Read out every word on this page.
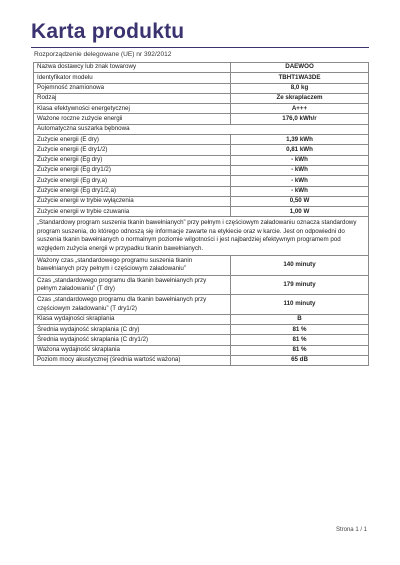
Karta produktu
Rozporządzenie delegowane (UE) nr 392/2012
Nazwa dostawcy lub znak towarowy	DAEWOO
Identyfikator modelu	TBHT1WA3DE
Pojemność znamionowa	8,0 kg
Rodzaj	Ze skraplaczem
Klasa efektywności energetycznej	A+++
Ważone roczne zużycie energii	176,0 kWh/r
Automatyczna suszarka bębnowa	
Zużycie energii (E dry)	1,39 kWh
Zużycie energii (E dry1/2)	0,81 kWh
Zużycie energii (Eg dry)	- kWh
Zużycie energii (Eg dry1/2)	- kWh
Zużycie energii (Eg dry,a)	- kWh
Zużycie energii (Eg dry1/2,a)	- kWh
Zużycie energii w trybie wyłączenia	0,50 W
Zużycie energii w trybie czuwania	1,00 W
„Standardowy program suszenia tkanin bawełnianych” przy pełnym i częściowym załadowaniu oznacza standardowy program suszenia, do którego odnoszą się informacje zawarte na etykiecie oraz w karcie. Jest on odpowiedni do suszenia tkanin bawełnianych o normalnym poziomie wilgotności i jest najbardziej efektywnym programem pod względem zużycia energii w przypadku tkanin bawełnianych.	
Ważony czas „standardowego programu suszenia tkanin bawełnianych przy pełnym i częściowym załadowaniu”	140 minuty
Czas „standardowego programu dla tkanin bawełnianych przy pełnym załadowaniu” (T dry)	179 minuty
Czas „standardowego programu dla tkanin bawełnianych przy częściowym załadowaniu” (T dry1/2)	110 minuty
Klasa wydajności skraplania	B
Średnia wydajność skraplania (C dry)	81 %
Średnia wydajność skraplania (C dry1/2)	81 %
Ważona wydajność skraplania	81 %
Poziom mocy akustycznej (średnia wartość ważona)	65 dB
Strona 1 / 1
